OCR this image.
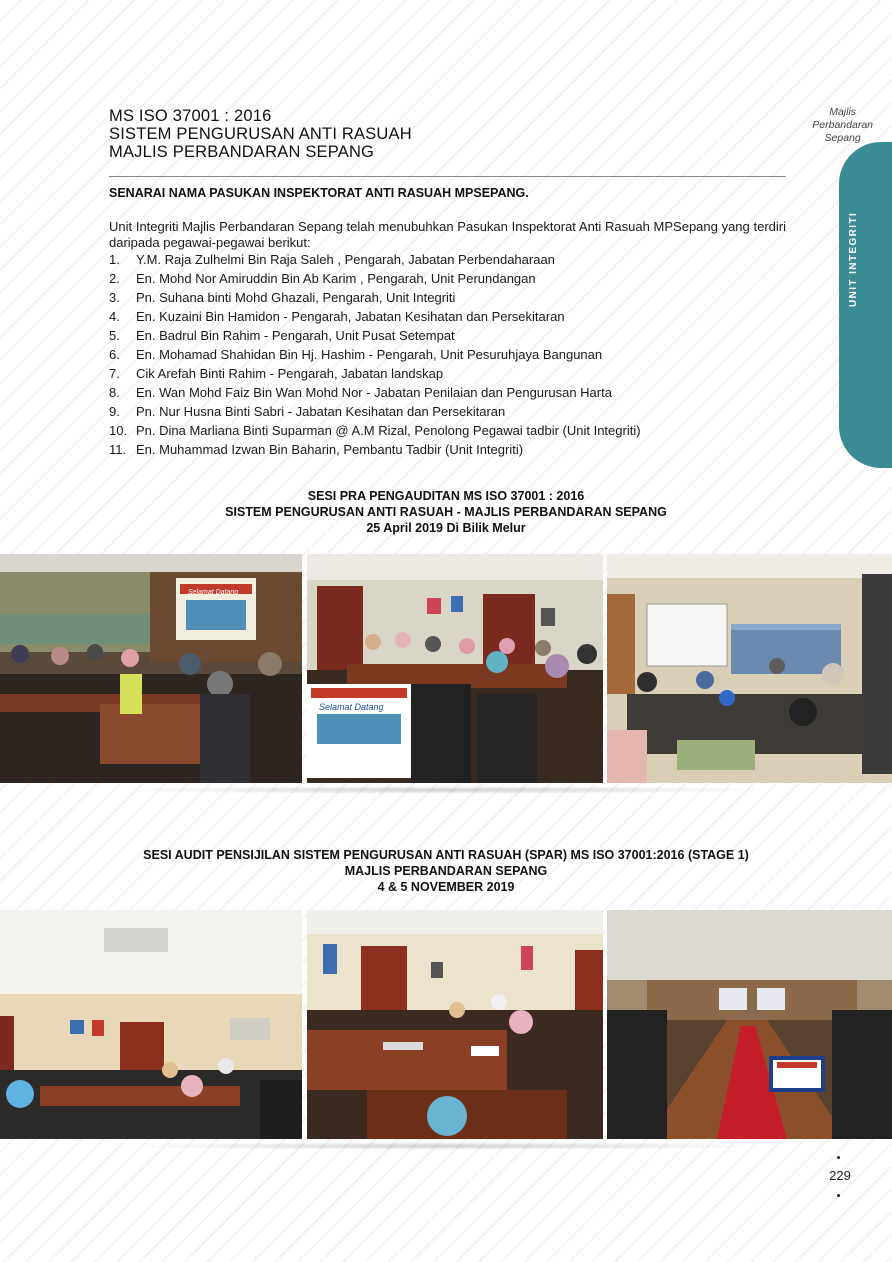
MS ISO 37001 : 2016
SISTEM PENGURUSAN ANTI RASUAH
MAJLIS PERBANDARAN SEPANG
Majlis
Perbandaran
Sepang
UNIT INTEGRITI
SENARAI NAMA PASUKAN INSPEKTORAT ANTI RASUAH MPSEPANG.
Unit Integriti Majlis Perbandaran Sepang telah menubuhkan Pasukan Inspektorat Anti Rasuah MPSepang yang terdiri daripada pegawai-pegawai berikut:
1.	Y.M. Raja Zulhelmi Bin Raja Saleh , Pengarah, Jabatan Perbendaharaan
2.	En. Mohd Nor Amiruddin Bin Ab Karim , Pengarah, Unit Perundangan
3.	Pn. Suhana binti Mohd Ghazali, Pengarah, Unit Integriti
4.	En. Kuzaini Bin Hamidon - Pengarah, Jabatan Kesihatan dan Persekitaran
5.	En. Badrul Bin Rahim - Pengarah, Unit Pusat Setempat
6.	En. Mohamad Shahidan Bin Hj. Hashim - Pengarah, Unit Pesuruhjaya Bangunan
7.	Cik Arefah Binti Rahim - Pengarah, Jabatan landskap
8.	En. Wan Mohd Faiz Bin Wan Mohd Nor - Jabatan Penilaian dan Pengurusan Harta
9.	Pn. Nur Husna Binti Sabri - Jabatan Kesihatan dan Persekitaran
10. Pn. Dina Marliana Binti Suparman @ A.M Rizal, Penolong Pegawai tadbir (Unit Integriti)
11. En. Muhammad Izwan Bin Baharin, Pembantu Tadbir (Unit Integriti)
SESI PRA PENGAUDITAN MS ISO 37001 : 2016
SISTEM PENGURUSAN ANTI RASUAH - MAJLIS PERBANDARAN SEPANG
25 April 2019 Di Bilik Melur
Selamat Datang
Selamat Datang
SESI AUDIT PENSIJILAN SISTEM PENGURUSAN ANTI RASUAH (SPAR) MS ISO 37001:2016 (STAGE 1)
MAJLIS PERBANDARAN SEPANG
4 & 5 NOVEMBER 2019
229
